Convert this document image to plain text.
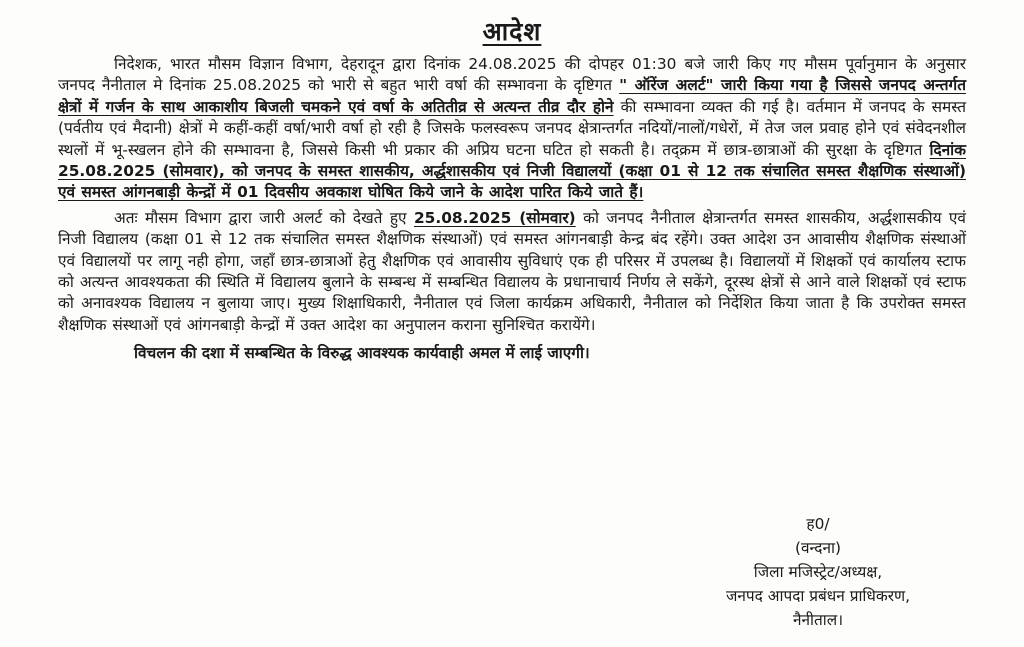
आदेश

निदेशक, भारत मौसम विज्ञान विभाग, देहरादून द्वारा दिनांक 24.08.2025 की दोपहर 01:30 बजे जारी किए गए मौसम पूर्वानुमान के अनुसार जनपद नैनीताल मे दिनांक 25.08.2025 को भारी से बहुत भारी वर्षा की सम्भावना के दृष्टिगत " ऑरेंज अलर्ट" जारी किया गया है जिससे जनपद अन्तर्गत क्षेत्रों में गर्जन के साथ आकाशीय बिजली चमकने एवं वर्षा के अतितीव्र से अत्यन्त तीव्र दौर होने की सम्भावना व्यक्त की गई है। वर्तमान में जनपद के समस्त (पर्वतीय एवं मैदानी) क्षेत्रों मे कहीं-कहीं वर्षा/भारी वर्षा हो रही है जिसके फलस्वरूप जनपद क्षेत्रान्तर्गत नदियों/नालों/गधेरों, में तेज जल प्रवाह होने एवं संवेदनशील स्थलों में भू-स्खलन होने की सम्भावना है, जिससे किसी भी प्रकार की अप्रिय घटना घटित हो सकती है। तद्क्रम में छात्र-छात्राओं की सुरक्षा के दृष्टिगत दिनांक 25.08.2025 (सोमवार), को जनपद के समस्त शासकीय, अर्द्धशासकीय एवं निजी विद्यालयों (कक्षा 01 से 12 तक संचालित समस्त शैक्षणिक संस्थाओं) एवं समस्त आंगनबाड़ी केन्द्रों में 01 दिवसीय अवकाश घोषित किये जाने के आदेश पारित किये जाते हैं।

अतः मौसम विभाग द्वारा जारी अलर्ट को देखते हुए 25.08.2025 (सोमवार) को जनपद नैनीताल क्षेत्रान्तर्गत समस्त शासकीय, अर्द्धशासकीय एवं निजी विद्यालय (कक्षा 01 से 12 तक संचालित समस्त शैक्षणिक संस्थाओं) एवं समस्त आंगनबाड़ी केन्द्र बंद रहेंगे। उक्त आदेश उन आवासीय शैक्षणिक संस्थाओं एवं विद्यालयों पर लागू नही होगा, जहाँ छात्र-छात्राओं हेतु शैक्षणिक एवं आवासीय सुविधाएं एक ही परिसर में उपलब्ध है। विद्यालयों में शिक्षकों एवं कार्यालय स्टाफ को अत्यन्त आवश्यकता की स्थिति में विद्यालय बुलाने के सम्बन्ध में सम्बन्धित विद्यालय के प्रधानाचार्य निर्णय ले सकेंगे, दूरस्थ क्षेत्रों से आने वाले शिक्षकों एवं स्टाफ को अनावश्यक विद्यालय न बुलाया जाए। मुख्य शिक्षाधिकारी, नैनीताल एवं जिला कार्यक्रम अधिकारी, नैनीताल को निर्देशित किया जाता है कि उपरोक्त समस्त शैक्षणिक संस्थाओं एवं आंगनबाड़ी केन्द्रों में उक्त आदेश का अनुपालन कराना सुनिश्चित करायेंगे।

विचलन की दशा में सम्बन्धित के विरुद्ध आवश्यक कार्यवाही अमल में लाई जाएगी।
ह0/
(वन्दना)
जिला मजिस्ट्रेट/अध्यक्ष,
जनपद आपदा प्रबंधन प्राधिकरण,
नैनीताल।
